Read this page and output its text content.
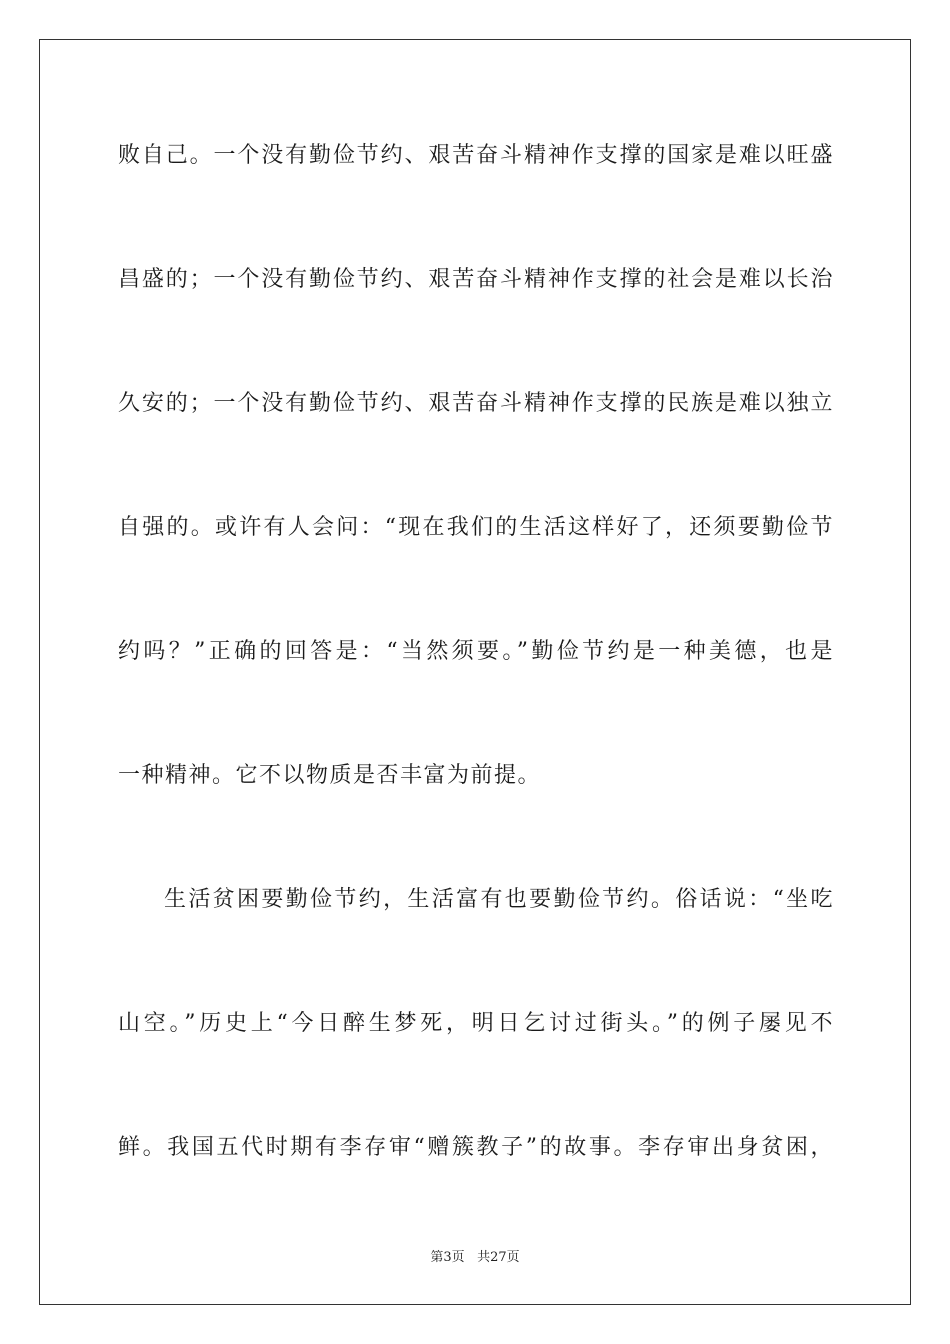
败自己。一个没有勤俭节约、艰苦奋斗精神作支撑的国家是难以旺盛

昌盛的；一个没有勤俭节约、艰苦奋斗精神作支撑的社会是难以长治

久安的；一个没有勤俭节约、艰苦奋斗精神作支撑的民族是难以独立

自强的。或许有人会问：“现在我们的生活这样好了，还须要勤俭节

约吗？”正确的回答是：“当然须要。”勤俭节约是一种美德，也是

一种精神。它不以物质是否丰富为前提。

生活贫困要勤俭节约，生活富有也要勤俭节约。俗话说：“坐吃

山空。”历史上“今日醉生梦死，明日乞讨过街头。”的例子屡见不

鲜。我国五代时期有李存审“赠簇教子”的故事。李存审出身贫困，

第3页 共27页
